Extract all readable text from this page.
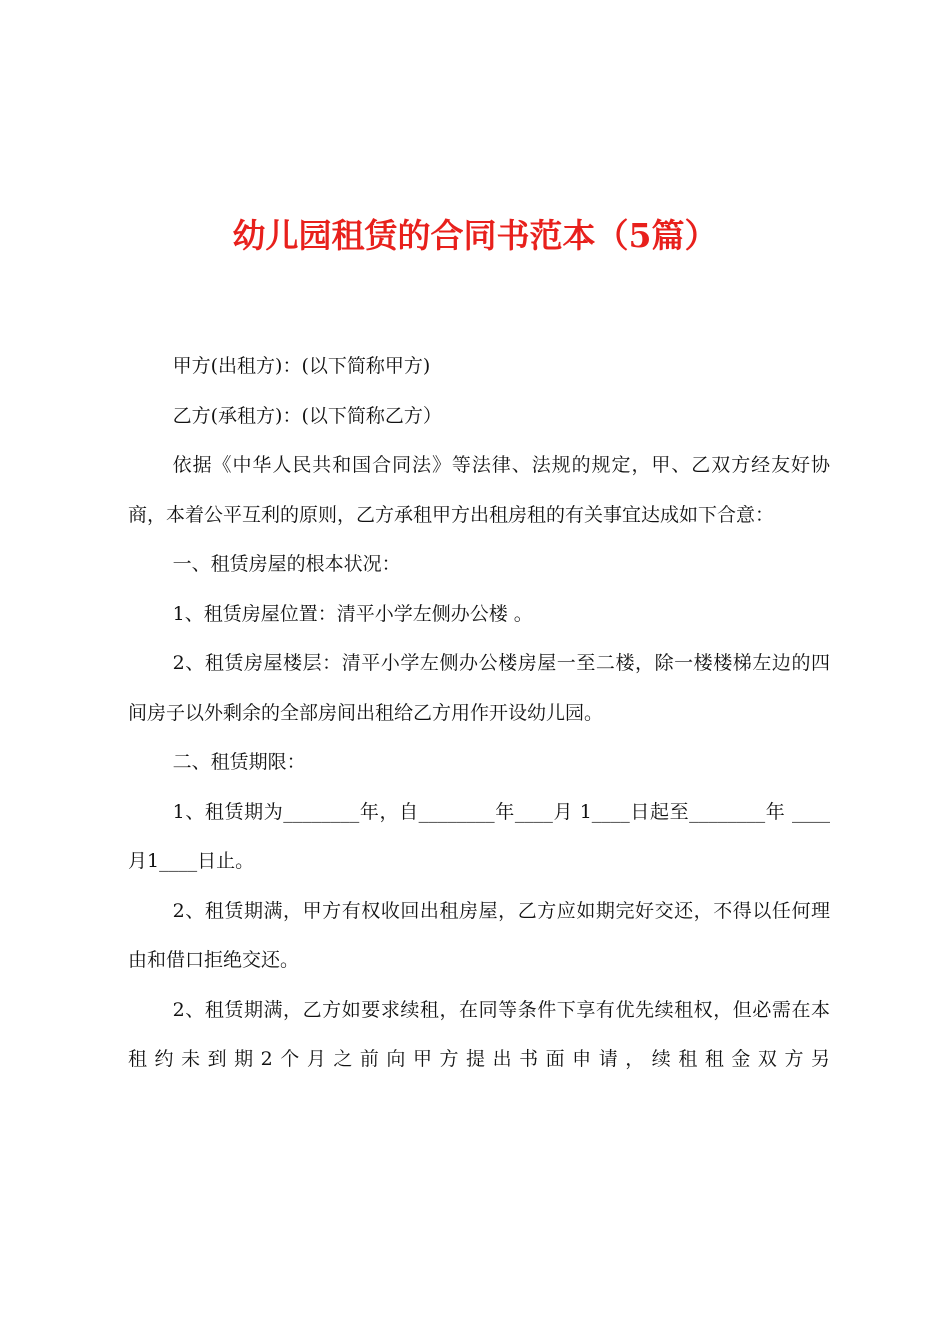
幼儿园租赁的合同书范本（5篇）

甲方(出租方)：(以下简称甲方)

乙方(承租方)：(以下简称乙方）

依据《中华人民共和国合同法》等法律、法规的规定，甲、乙双方经友好协商，本着公平互利的原则，乙方承租甲方出租房租的有关事宜达成如下合意：

一、租赁房屋的根本状况：

1、租赁房屋位置：清平小学左侧办公楼 。

2、租赁房屋楼层：清平小学左侧办公楼房屋一至二楼，除一楼楼梯左边的四间房子以外剩余的全部房间出租给乙方用作开设幼儿园。

二、租赁期限：

1、租赁期为________年，自________年____月 1____日起至________年 ____月1____日止。

2、租赁期满，甲方有权收回出租房屋，乙方应如期完好交还，不得以任何理由和借口拒绝交还。

2、租赁期满，乙方如要求续租，在同等条件下享有优先续租权，但必需在本租约未到期2个月之前向甲方提出书面申请，续租租金双方另
